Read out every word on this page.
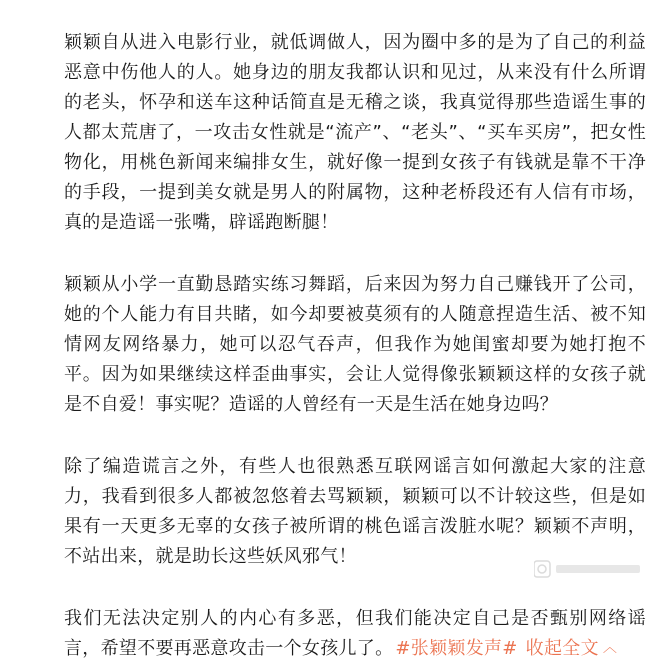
颖颖自从进入电影行业，就低调做人，因为圈中多的是为了自己的利益恶意中伤他人的人。她身边的朋友我都认识和见过，从来没有什么所谓的老头，怀孕和送车这种话简直是无稽之谈，我真觉得那些造谣生事的人都太荒唐了，一攻击女性就是“流产”、“老头”、“买车买房”，把女性物化，用桃色新闻来编排女生，就好像一提到女孩子有钱就是靠不干净的手段，一提到美女就是男人的附属物，这种老桥段还有人信有市场，真的是造谣一张嘴，辟谣跑断腿！

颖颖从小学一直勤恳踏实练习舞蹈，后来因为努力自己赚钱开了公司，她的个人能力有目共睹，如今却要被莫须有的人随意捏造生活、被不知情网友网络暴力，她可以忍气吞声，但我作为她闺蜜却要为她打抱不平。因为如果继续这样歪曲事实，会让人觉得像张颖颖这样的女孩子就是不自爱！事实呢？造谣的人曾经有一天是生活在她身边吗？

除了编造谎言之外，有些人也很熟悉互联网谣言如何激起大家的注意力，我看到很多人都被忽悠着去骂颖颖，颖颖可以不计较这些，但是如果有一天更多无辜的女孩子被所谓的桃色谣言泼脏水呢？颖颖不声明，不站出来，就是助长这些妖风邪气！

我们无法决定别人的内心有多恶，但我们能决定自己是否甄别网络谣言，希望不要再恶意攻击一个女孩儿了。 #张颖颖发声# 收起全文 ︿
